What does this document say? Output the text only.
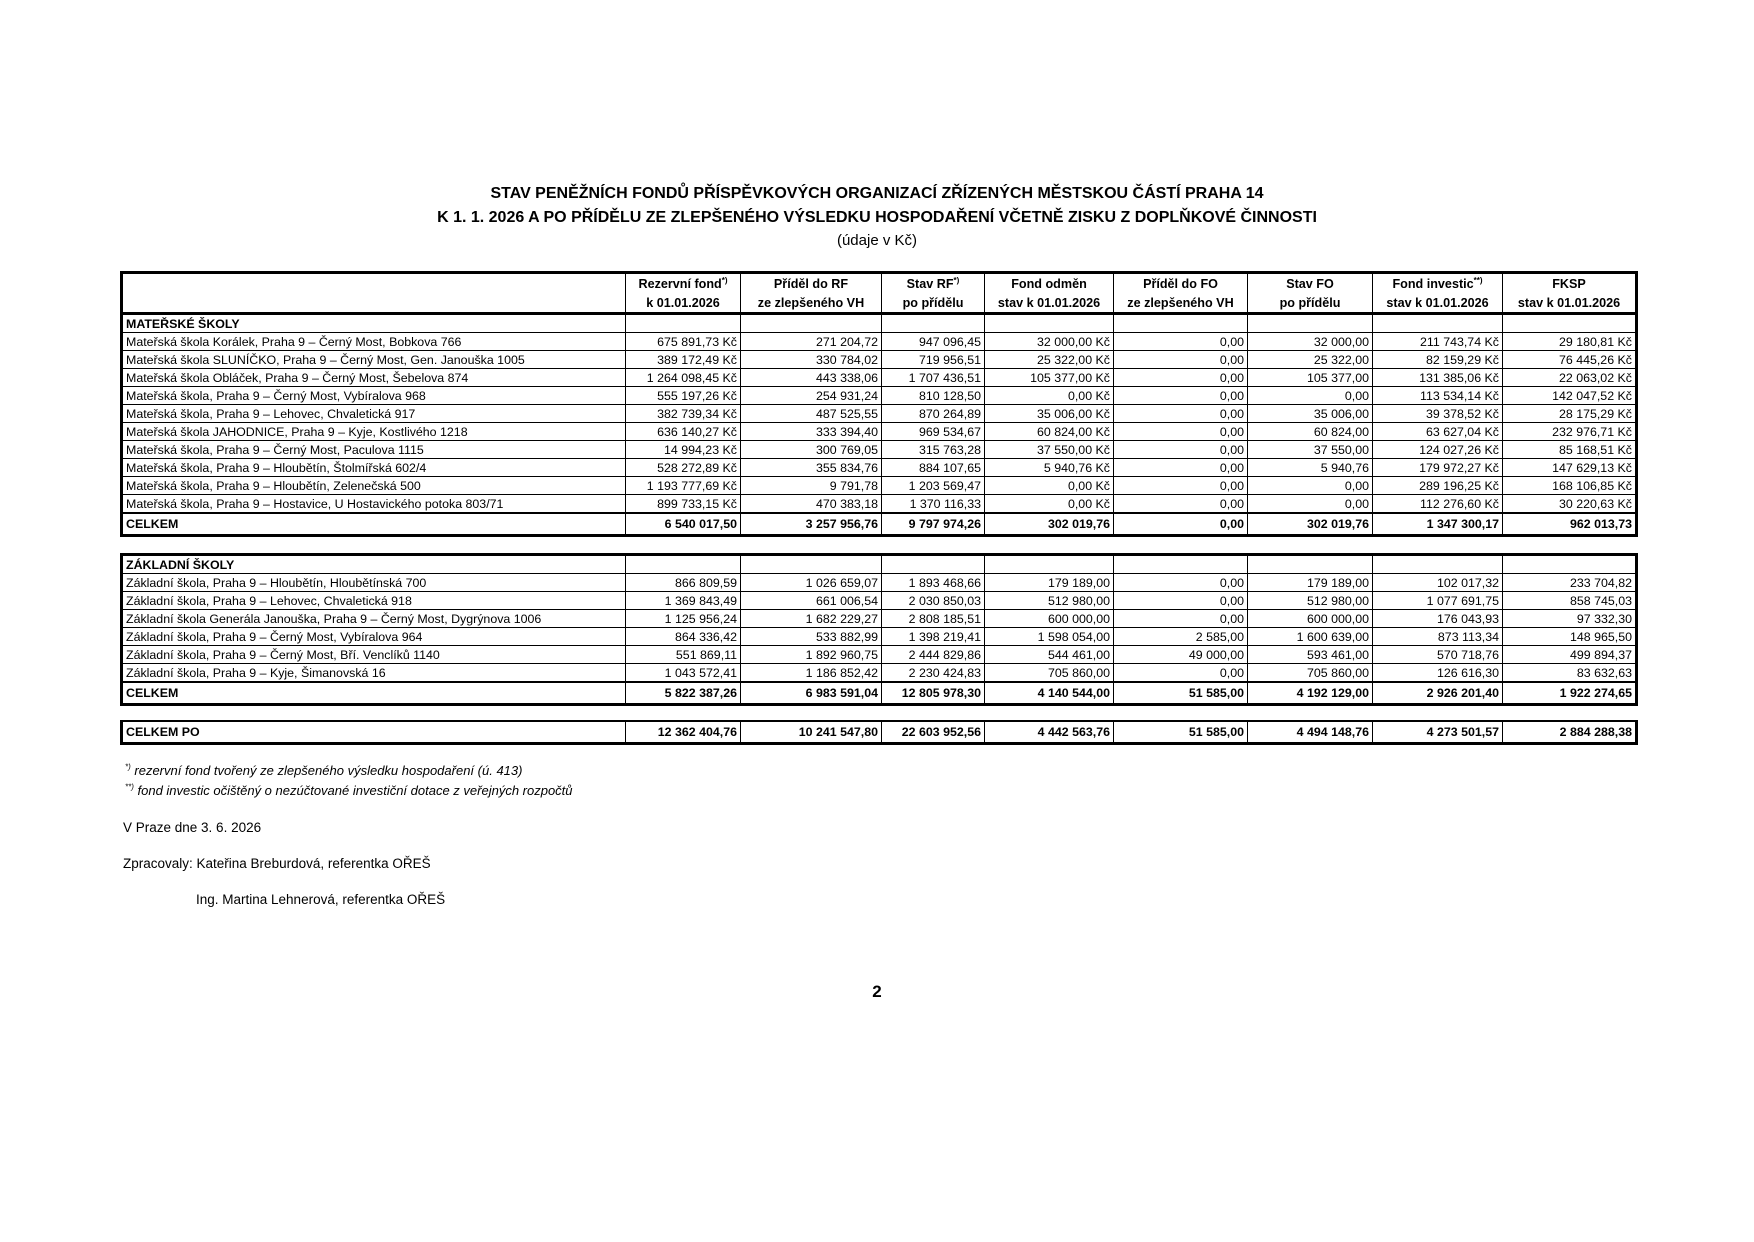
STAV PENĚŽNÍCH FONDŮ PŘÍSPĚVKOVÝCH ORGANIZACÍ ZŘÍZENÝCH MĚSTSKOU ČÁSTÍ PRAHA 14
K 1. 1. 2026 A PO PŘÍDĚLU ZE ZLEPŠENÉHO VÝSLEDKU HOSPODAŘENÍ VČETNĚ ZISKU Z DOPLŇKOVÉ ČINNOSTI
(údaje v Kč)
	Rezervní fond*)	Příděl do RF	Stav RF*)	Fond odměn	Příděl do FO	Stav FO	Fond investic**)	FKSP
	k 01.01.2026	ze zlepšeného VH	po přídělu	stav k 01.01.2026	ze zlepšeného VH	po přídělu	stav k 01.01.2026	stav k 01.01.2026
MATEŘSKÉ ŠKOLY								
Mateřská škola Korálek, Praha 9 – Černý Most, Bobkova 766	675 891,73 Kč	271 204,72	947 096,45	32 000,00 Kč	0,00	32 000,00	211 743,74 Kč	29 180,81 Kč
Mateřská škola SLUNÍČKO, Praha 9 – Černý Most, Gen. Janouška 1005	389 172,49 Kč	330 784,02	719 956,51	25 322,00 Kč	0,00	25 322,00	82 159,29 Kč	76 445,26 Kč
Mateřská škola Obláček, Praha 9 – Černý Most, Šebelova 874	1 264 098,45 Kč	443 338,06	1 707 436,51	105 377,00 Kč	0,00	105 377,00	131 385,06 Kč	22 063,02 Kč
Mateřská škola, Praha 9 – Černý Most, Vybíralova 968	555 197,26 Kč	254 931,24	810 128,50	0,00 Kč	0,00	0,00	113 534,14 Kč	142 047,52 Kč
Mateřská škola, Praha 9 – Lehovec, Chvaletická 917	382 739,34 Kč	487 525,55	870 264,89	35 006,00 Kč	0,00	35 006,00	39 378,52 Kč	28 175,29 Kč
Mateřská škola JAHODNICE, Praha 9 – Kyje, Kostlivého 1218	636 140,27 Kč	333 394,40	969 534,67	60 824,00 Kč	0,00	60 824,00	63 627,04 Kč	232 976,71 Kč
Mateřská škola, Praha 9 – Černý Most, Paculova 1115	14 994,23 Kč	300 769,05	315 763,28	37 550,00 Kč	0,00	37 550,00	124 027,26 Kč	85 168,51 Kč
Mateřská škola, Praha 9 – Hloubětín, Štolmířská 602/4	528 272,89 Kč	355 834,76	884 107,65	5 940,76 Kč	0,00	5 940,76	179 972,27 Kč	147 629,13 Kč
Mateřská škola, Praha 9 – Hloubětín, Zelenečská 500	1 193 777,69 Kč	9 791,78	1 203 569,47	0,00 Kč	0,00	0,00	289 196,25 Kč	168 106,85 Kč
Mateřská škola, Praha 9 – Hostavice, U Hostavického potoka 803/71	899 733,15 Kč	470 383,18	1 370 116,33	0,00 Kč	0,00	0,00	112 276,60 Kč	30 220,63 Kč
CELKEM	6 540 017,50	3 257 956,76	9 797 974,26	302 019,76	0,00	302 019,76	1 347 300,17	962 013,73

ZÁKLADNÍ ŠKOLY								
Základní škola, Praha 9 – Hloubětín, Hloubětínská 700	866 809,59	1 026 659,07	1 893 468,66	179 189,00	0,00	179 189,00	102 017,32	233 704,82
Základní škola, Praha 9 – Lehovec, Chvaletická 918	1 369 843,49	661 006,54	2 030 850,03	512 980,00	0,00	512 980,00	1 077 691,75	858 745,03
Základní škola Generála Janouška, Praha 9 – Černý Most, Dygrýnova 1006	1 125 956,24	1 682 229,27	2 808 185,51	600 000,00	0,00	600 000,00	176 043,93	97 332,30
Základní škola, Praha 9 – Černý Most, Vybíralova 964	864 336,42	533 882,99	1 398 219,41	1 598 054,00	2 585,00	1 600 639,00	873 113,34	148 965,50
Základní škola, Praha 9 – Černý Most, Bří. Venclíků 1140	551 869,11	1 892 960,75	2 444 829,86	544 461,00	49 000,00	593 461,00	570 718,76	499 894,37
Základní škola, Praha 9 – Kyje, Šimanovská 16	1 043 572,41	1 186 852,42	2 230 424,83	705 860,00	0,00	705 860,00	126 616,30	83 632,63
CELKEM	5 822 387,26	6 983 591,04	12 805 978,30	4 140 544,00	51 585,00	4 192 129,00	2 926 201,40	1 922 274,65

CELKEM PO	12 362 404,76	10 241 547,80	22 603 952,56	4 442 563,76	51 585,00	4 494 148,76	4 273 501,57	2 884 288,38
*) rezervní fond tvořený ze zlepšeného výsledku hospodaření (ú. 413)
**) fond investic očištěný o nezúčtované investiční dotace z veřejných rozpočtů
V Praze dne 3. 6. 2026
Zpracovaly: Kateřina Breburdová, referentka OŘEŠ
Ing. Martina Lehnerová, referentka OŘEŠ
2
